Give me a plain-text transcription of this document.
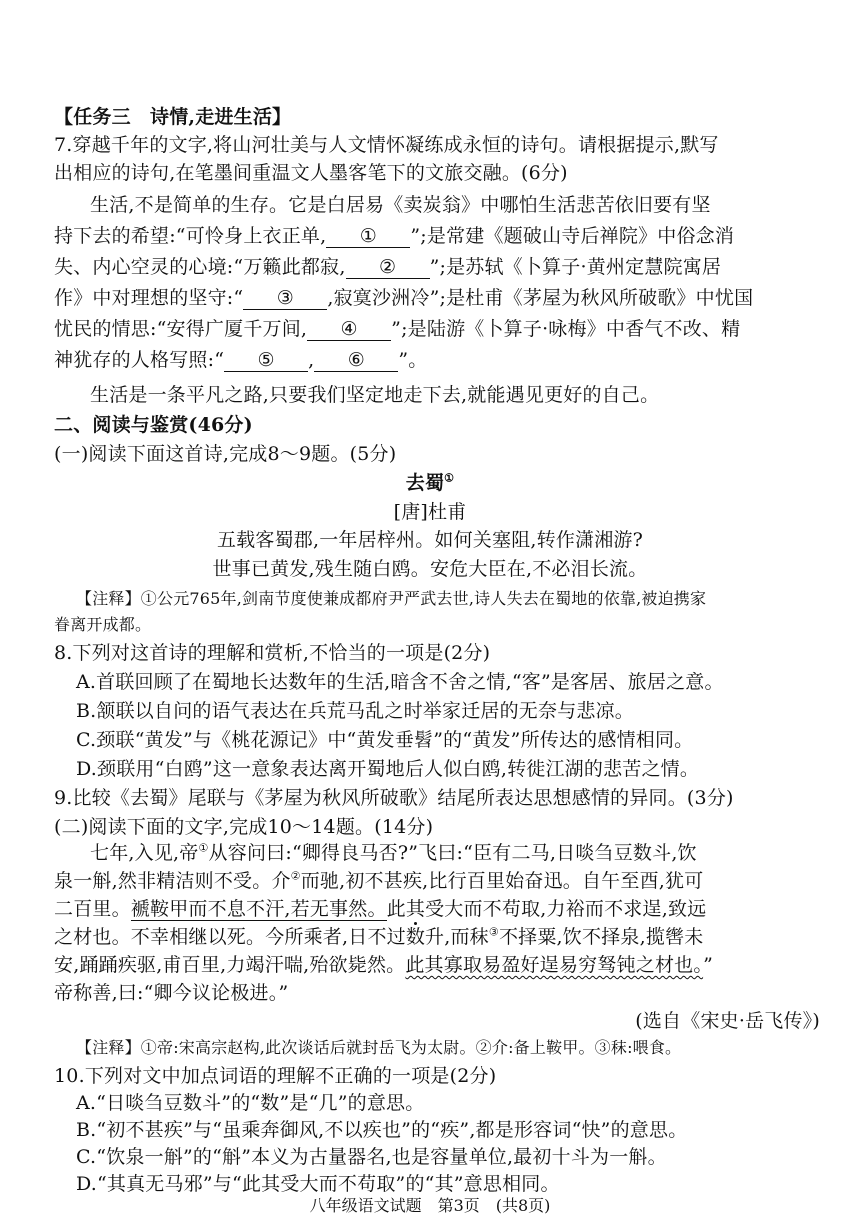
【任务三　诗情,走进生活】
7.穿越千年的文字,将山河壮美与人文情怀凝练成永恒的诗句。请根据提示,默写
出相应的诗句,在笔墨间重温文人墨客笔下的文旅交融。(6分)
生活,不是简单的生存。它是白居易《卖炭翁》中哪怕生活悲苦依旧要有坚
持下去的希望:“可怜身上衣正单, ① ”;是常建《题破山寺后禅院》中俗念消
失、内心空灵的心境:“万籁此都寂, ② ”;是苏轼《卜算子·黄州定慧院寓居
作》中对理想的坚守:“ ③ ,寂寞沙洲冷”;是杜甫《茅屋为秋风所破歌》中忧国
忧民的情思:“安得广厦千万间, ④ ”;是陆游《卜算子·咏梅》中香气不改、精
神犹存的人格写照:“ ⑤ , ⑥ ”。
生活是一条平凡之路,只要我们坚定地走下去,就能遇见更好的自己。
二、阅读与鉴赏(46分)
(一)阅读下面这首诗,完成8～9题。(5分)
去蜀①
[唐]杜甫
五载客蜀郡,一年居梓州。如何关塞阻,转作潇湘游?
世事已黄发,残生随白鸥。安危大臣在,不必泪长流。
【注释】①公元765年,剑南节度使兼成都府尹严武去世,诗人失去在蜀地的依靠,被迫携家
眷离开成都。
8.下列对这首诗的理解和赏析,不恰当的一项是(2分)
A.首联回顾了在蜀地长达数年的生活,暗含不舍之情,“客”是客居、旅居之意。
B.颔联以自问的语气表达在兵荒马乱之时举家迁居的无奈与悲凉。
C.颈联“黄发”与《桃花源记》中“黄发垂髫”的“黄发”所传达的感情相同。
D.颈联用“白鸥”这一意象表达离开蜀地后人似白鸥,转徙江湖的悲苦之情。
9.比较《去蜀》尾联与《茅屋为秋风所破歌》结尾所表达思想感情的异同。(3分)
(二)阅读下面的文字,完成10～14题。(14分)
七年,入见,帝①从容问曰:“卿得良马否?”飞曰:“臣有二马,日啖刍豆数斗,饮
泉一斛,然非精洁则不受。介②而驰,初不甚疾,比行百里始奋迅。自午至酉,犹可
二百里。褫鞍甲而不息不汗,若无事然。此其受大而不苟取,力裕而不求逞,致远
之材也。不幸相继以死。今所乘者,日不过数升,而秣③不择粟,饮不择泉,揽辔未
安,踊踊疾驱,甫百里,力竭汗喘,殆欲毙然。此其寡取易盈好逞易穷驽钝之材也。”
帝称善,曰:“卿今议论极进。”
(选自《宋史·岳飞传》)
【注释】①帝:宋高宗赵构,此次谈话后就封岳飞为太尉。②介:备上鞍甲。③秣:喂食。
10.下列对文中加点词语的理解不正确的一项是(2分)
A.“日啖刍豆数斗”的“数”是“几”的意思。
B.“初不甚疾”与“虽乘奔御风,不以疾也”的“疾”,都是形容词“快”的意思。
C.“饮泉一斛”的“斛”本义为古量器名,也是容量单位,最初十斗为一斛。
D.“其真无马邪”与“此其受大而不苟取”的“其”意思相同。
八年级语文试题　第3页　(共8页)
